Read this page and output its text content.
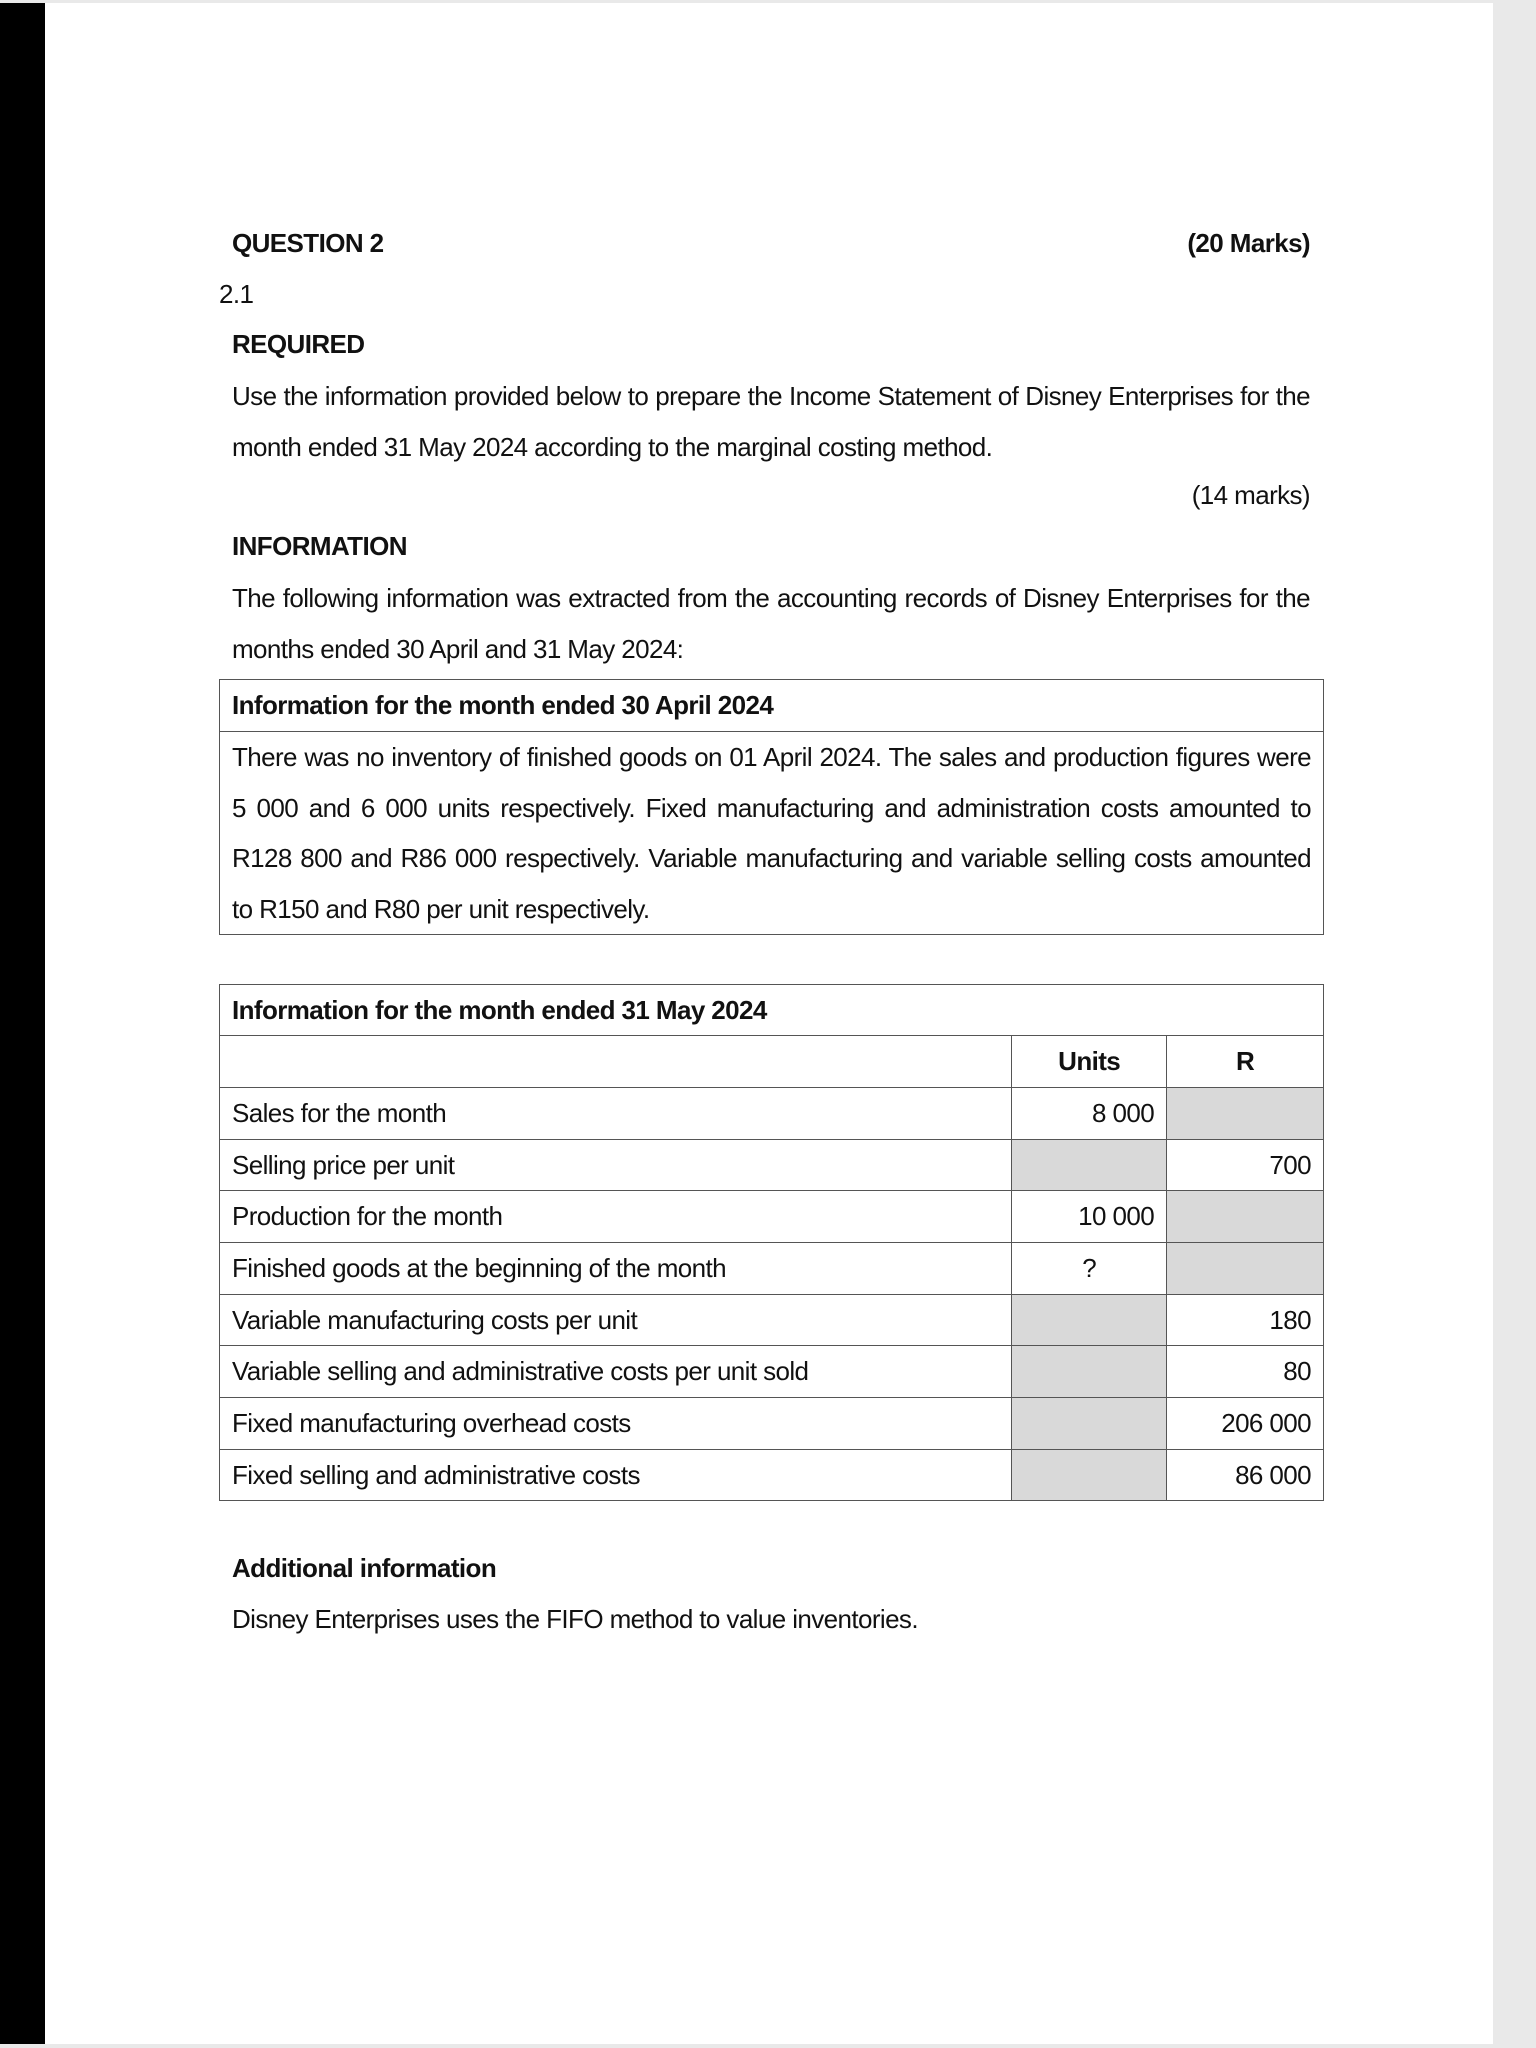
QUESTION 2	(20 Marks)
2.1
REQUIRED
Use the information provided below to prepare the Income Statement of Disney Enterprises for the month ended 31 May 2024 according to the marginal costing method.
(14 marks)
INFORMATION
The following information was extracted from the accounting records of Disney Enterprises for the months ended 30 April and 31 May 2024:
Information for the month ended 30 April 2024

There was no inventory of finished goods on 01 April 2024. The sales and production figures were 5 000 and 6 000 units respectively. Fixed manufacturing and administration costs amounted to R128 800 and R86 000 respectively. Variable manufacturing and variable selling costs amounted to R150 and R80 per unit respectively.
Information for the month ended 31 May 2024		
	Units	R
Sales for the month	8 000	
Selling price per unit		700
Production for the month	10 000	
Finished goods at the beginning of the month	?	
Variable manufacturing costs per unit		180
Variable selling and administrative costs per unit sold		80
Fixed manufacturing overhead costs		206 000
Fixed selling and administrative costs		86 000
Additional information
Disney Enterprises uses the FIFO method to value inventories.
